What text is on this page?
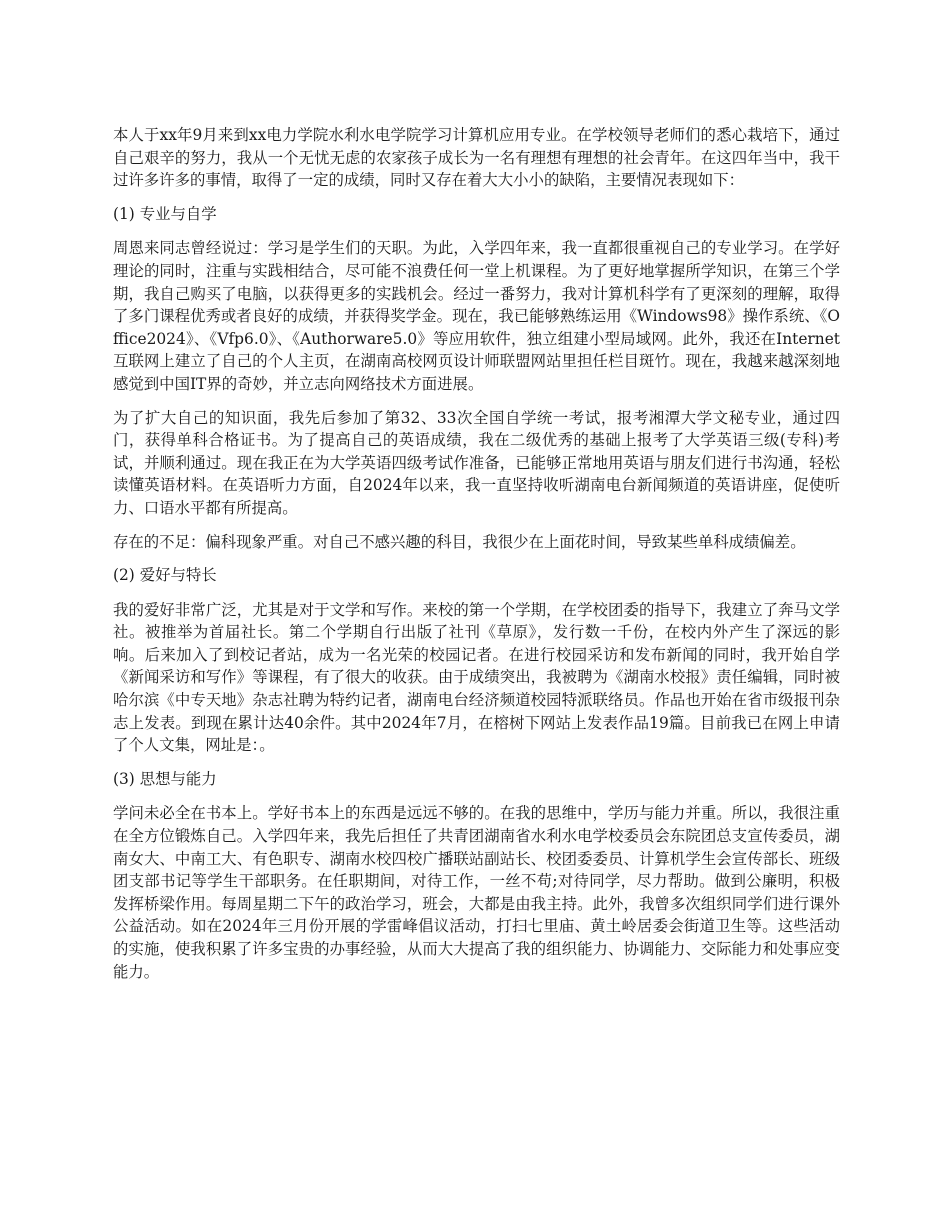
本人于xx年9月来到xx电力学院水利水电学院学习计算机应用专业。在学校领导老师们的悉心栽培下，通过自己艰辛的努力，我从一个无忧无虑的农家孩子成长为一名有理想有理想的社会青年。在这四年当中，我干过许多许多的事情，取得了一定的成绩，同时又存在着大大小小的缺陷，主要情况表现如下：

(1) 专业与自学

周恩来同志曾经说过：学习是学生们的天职。为此，入学四年来，我一直都很重视自己的专业学习。在学好理论的同时，注重与实践相结合，尽可能不浪费任何一堂上机课程。为了更好地掌握所学知识，在第三个学期，我自己购买了电脑，以获得更多的实践机会。经过一番努力，我对计算机科学有了更深刻的理解，取得了多门课程优秀或者良好的成绩，并获得奖学金。现在，我已能够熟练运用《Windows98》操作系统、《Office2024》、《Vfp6.0》、《Authorware5.0》等应用软件，独立组建小型局域网。此外，我还在Internet互联网上建立了自己的个人主页，在湖南高校网页设计师联盟网站里担任栏目斑竹。现在，我越来越深刻地感觉到中国IT界的奇妙，并立志向网络技术方面进展。

为了扩大自己的知识面，我先后参加了第32、33次全国自学统一考试，报考湘潭大学文秘专业，通过四门，获得单科合格证书。为了提高自己的英语成绩，我在二级优秀的基础上报考了大学英语三级(专科)考试，并顺利通过。现在我正在为大学英语四级考试作准备，已能够正常地用英语与朋友们进行书沟通，轻松读懂英语材料。在英语听力方面，自2024年以来，我一直坚持收听湖南电台新闻频道的英语讲座，促使听力、口语水平都有所提高。

存在的不足：偏科现象严重。对自己不感兴趣的科目，我很少在上面花时间，导致某些单科成绩偏差。

(2) 爱好与特长

我的爱好非常广泛，尤其是对于文学和写作。来校的第一个学期，在学校团委的指导下，我建立了奔马文学社。被推举为首届社长。第二个学期自行出版了社刊《草原》，发行数一千份，在校内外产生了深远的影响。后来加入了到校记者站，成为一名光荣的校园记者。在进行校园采访和发布新闻的同时，我开始自学《新闻采访和写作》等课程，有了很大的收获。由于成绩突出，我被聘为《湖南水校报》责任编辑，同时被哈尔滨《中专天地》杂志社聘为特约记者，湖南电台经济频道校园特派联络员。作品也开始在省市级报刊杂志上发表。到现在累计达40余件。其中2024年7月，在榕树下网站上发表作品19篇。目前我已在网上申请了个人文集，网址是：。

(3) 思想与能力

学问未必全在书本上。学好书本上的东西是远远不够的。在我的思维中，学历与能力并重。所以，我很注重在全方位锻炼自己。入学四年来，我先后担任了共青团湖南省水利水电学校委员会东院团总支宣传委员，湖南女大、中南工大、有色职专、湖南水校四校广播联站副站长、校团委委员、计算机学生会宣传部长、班级团支部书记等学生干部职务。在任职期间，对待工作，一丝不苟;对待同学，尽力帮助。做到公廉明，积极发挥桥梁作用。每周星期二下午的政治学习，班会，大都是由我主持。此外，我曾多次组织同学们进行课外公益活动。如在2024年三月份开展的学雷峰倡议活动，打扫七里庙、黄土岭居委会街道卫生等。这些活动的实施，使我积累了许多宝贵的办事经验，从而大大提高了我的组织能力、协调能力、交际能力和处事应变能力。
